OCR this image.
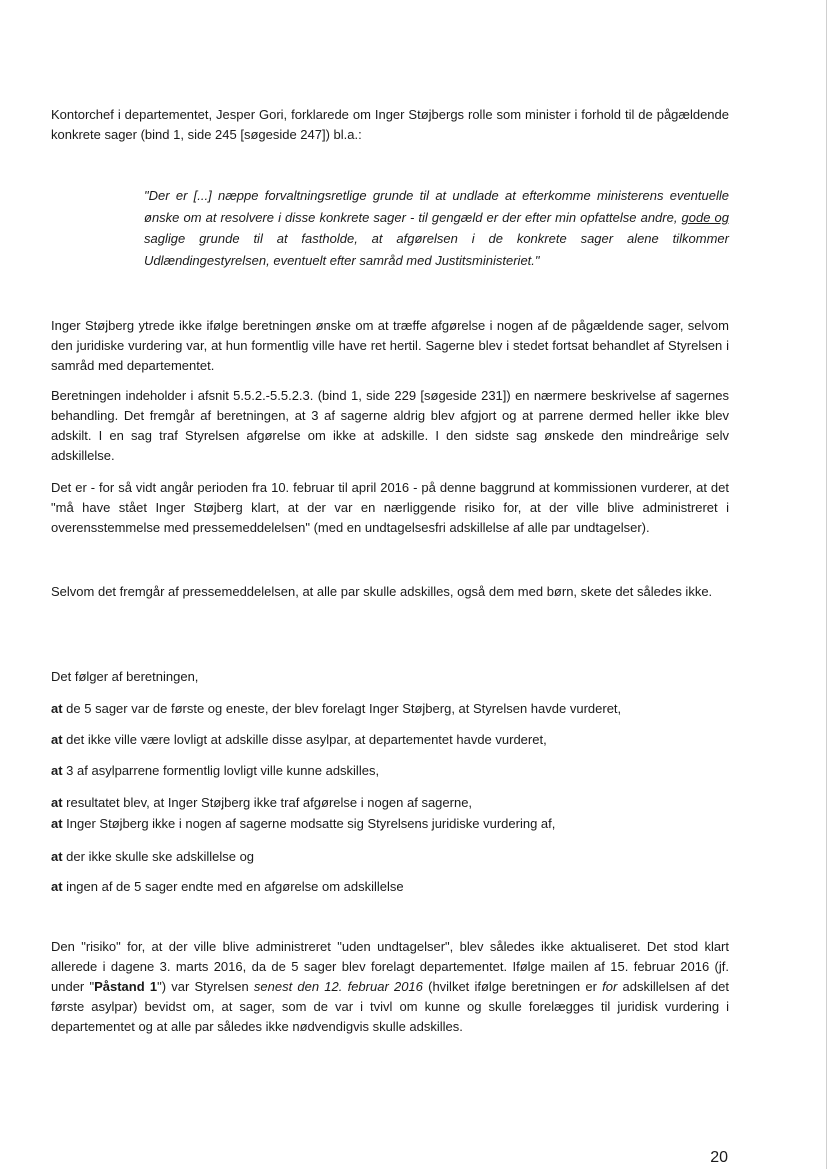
Kontorchef i departementet, Jesper Gori, forklarede om Inger Støjbergs rolle som minister i forhold til de pågældende konkrete sager (bind 1, side 245 [søgeside 247]) bl.a.:

"Der er [...] næppe forvaltningsretlige grunde til at undlade at efterkomme ministerens eventuelle ønske om at resolvere i disse konkrete sager - til gengæld er der efter min opfattelse andre, gode og saglige grunde til at fastholde, at afgørelsen i de konkrete sager alene tilkommer Udlændingestyrelsen, eventuelt efter samråd med Justitsministeriet."

Inger Støjberg ytrede ikke ifølge beretningen ønske om at træffe afgørelse i nogen af de pågældende sager, selvom den juridiske vurdering var, at hun formentlig ville have ret hertil. Sagerne blev i stedet fortsat behandlet af Styrelsen i samråd med departementet.

Beretningen indeholder i afsnit 5.5.2.-5.5.2.3. (bind 1, side 229 [søgeside 231]) en nærmere beskrivelse af sagernes behandling. Det fremgår af beretningen, at 3 af sagerne aldrig blev afgjort og at parrene dermed heller ikke blev adskilt. I en sag traf Styrelsen afgørelse om ikke at adskille. I den sidste sag ønskede den mindreårige selv adskillelse.

Det er - for så vidt angår perioden fra 10. februar til april 2016 - på denne baggrund at kommissionen vurderer, at det "må have stået Inger Støjberg klart, at der var en nærliggende risiko for, at der ville blive administreret i overensstemmelse med pressemeddelelsen" (med en undtagelsesfri adskillelse af alle par undtagelser).

Selvom det fremgår af pressemeddelelsen, at alle par skulle adskilles, også dem med børn, skete det således ikke.

Det følger af beretningen,

at de 5 sager var de første og eneste, der blev forelagt Inger Støjberg, at Styrelsen havde vurderet,

at det ikke ville være lovligt at adskille disse asylpar, at departementet havde vurderet,

at 3 af asylparrene formentlig lovligt ville kunne adskilles,

at resultatet blev, at Inger Støjberg ikke traf afgørelse i nogen af sagerne,

at Inger Støjberg ikke i nogen af sagerne modsatte sig Styrelsens juridiske vurdering af,

at der ikke skulle ske adskillelse og

at ingen af de 5 sager endte med en afgørelse om adskillelse

Den "risiko" for, at der ville blive administreret "uden undtagelser", blev således ikke aktualiseret. Det stod klart allerede i dagene 3. marts 2016, da de 5 sager blev forelagt departementet. Ifølge mailen af 15. februar 2016 (jf. under "Påstand 1") var Styrelsen senest den 12. februar 2016 (hvilket ifølge beretningen er for adskillelsen af det første asylpar) bevidst om, at sager, som de var i tvivl om kunne og skulle forelægges til juridisk vurdering i departementet og at alle par således ikke nødvendigvis skulle adskilles.

20
